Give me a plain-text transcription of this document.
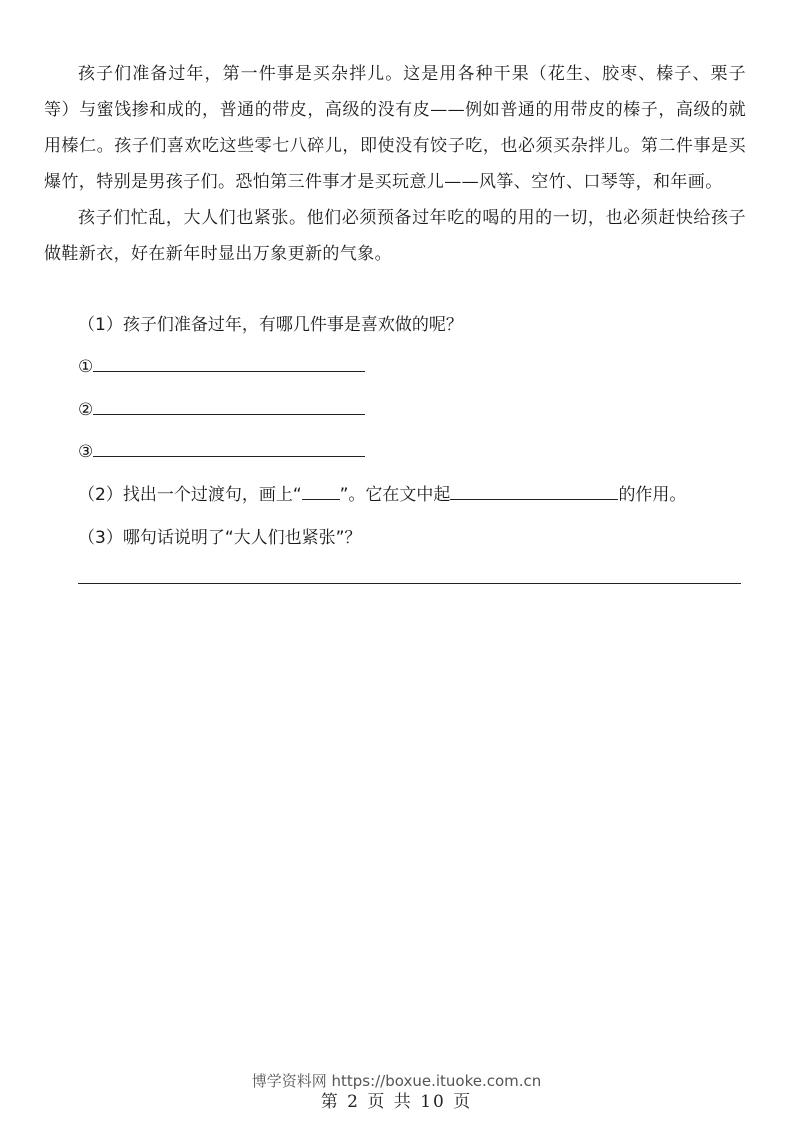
孩子们准备过年，第一件事是买杂拌儿。这是用各种干果（花生、胶枣、榛子、栗子等）与蜜饯掺和成的，普通的带皮，高级的没有皮——例如普通的用带皮的榛子，高级的就用榛仁。孩子们喜欢吃这些零七八碎儿，即使没有饺子吃，也必须买杂拌儿。第二件事是买爆竹，特别是男孩子们。恐怕第三件事才是买玩意儿——风筝、空竹、口琴等，和年画。

孩子们忙乱，大人们也紧张。他们必须预备过年吃的喝的用的一切，也必须赶快给孩子做鞋新衣，好在新年时显出万象更新的气象。

（1）孩子们准备过年，有哪几件事是喜欢做的呢？
①
②
③
（2）找出一个过渡句，画上“ ”。它在文中起	的作用。
（3）哪句话说明了“大人们也紧张”？
博学资料网 https://boxue.ituoke.com.cn
第 2 页 共 10 页
